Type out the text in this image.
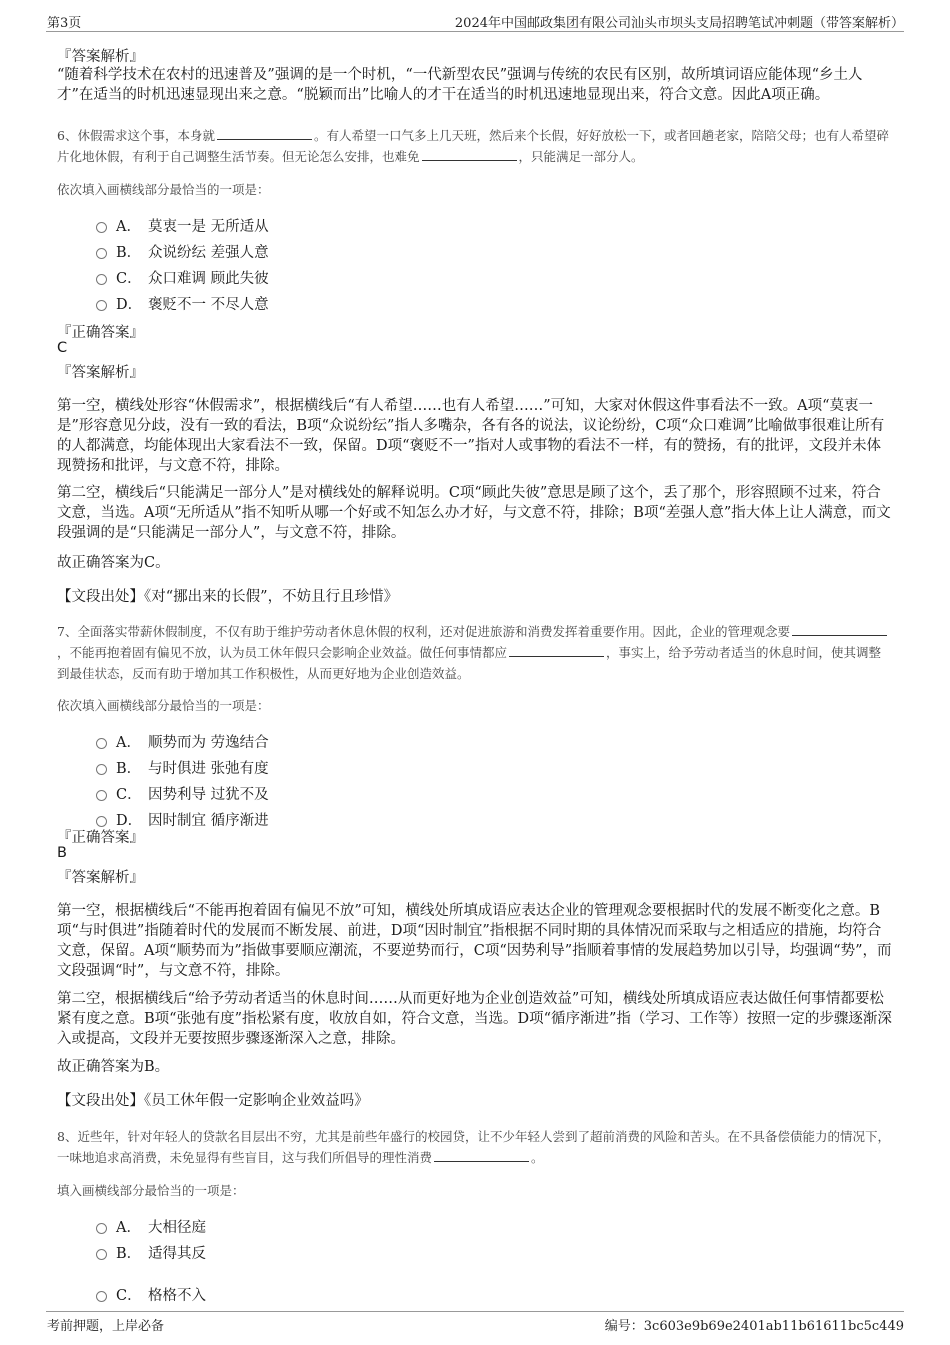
第3页	2024年中国邮政集团有限公司汕头市坝头支局招聘笔试冲刺题（带答案解析）
『答案解析』
“随着科学技术在农村的迅速普及”强调的是一个时机，“一代新型农民”强调与传统的农民有区别，故所填词语应能体现“乡土人才”在适当的时机迅速显现出来之意。“脱颖而出”比喻人的才干在适当的时机迅速地显现出来，符合文意。因此A项正确。
6、休假需求这个事，本身就	。有人希望一口气多上几天班，然后来个长假，好好放松一下，或者回趟老家，陪陪父母；也有人希望碎片化地休假，有利于自己调整生活节奏。但无论怎么安排，也难免	，只能满足一部分人。
依次填入画横线部分最恰当的一项是：
A． 莫衷一是 无所适从
B． 众说纷纭 差强人意
C． 众口难调 顾此失彼
D． 褒贬不一 不尽人意
『正确答案』
C
『答案解析』
第一空，横线处形容“休假需求”，根据横线后“有人希望……也有人希望……”可知，大家对休假这件事看法不一致。A项“莫衷一是”形容意见分歧，没有一致的看法，B项“众说纷纭”指人多嘴杂，各有各的说法，议论纷纷，C项“众口难调”比喻做事很难让所有的人都满意，均能体现出大家看法不一致，保留。D项“褒贬不一”指对人或事物的看法不一样，有的赞扬，有的批评，文段并未体现赞扬和批评，与文意不符，排除。
第二空，横线后“只能满足一部分人”是对横线处的解释说明。C项“顾此失彼”意思是顾了这个，丢了那个，形容照顾不过来，符合文意，当选。A项“无所适从”指不知听从哪一个好或不知怎么办才好，与文意不符，排除；B项“差强人意”指大体上让人满意，而文段强调的是“只能满足一部分人”，与文意不符，排除。
故正确答案为C。
【文段出处】《对“挪出来的长假”，不妨且行且珍惜》
7、全面落实带薪休假制度，不仅有助于维护劳动者休息休假的权利，还对促进旅游和消费发挥着重要作用。因此，企业的管理观念要，不能再抱着固有偏见不放，认为员工休年假只会影响企业效益。做任何事情都应	，事实上，给予劳动者适当的休息时间，使其调整到最佳状态，反而有助于增加其工作积极性，从而更好地为企业创造效益。
依次填入画横线部分最恰当的一项是：
A． 顺势而为 劳逸结合
B． 与时俱进 张弛有度
C． 因势利导 过犹不及
D． 因时制宜 循序渐进
『正确答案』
B
『答案解析』
第一空，根据横线后“不能再抱着固有偏见不放”可知，横线处所填成语应表达企业的管理观念要根据时代的发展不断变化之意。B项“与时俱进”指随着时代的发展而不断发展、前进，D项“因时制宜”指根据不同时期的具体情况而采取与之相适应的措施，均符合文意，保留。A项“顺势而为”指做事要顺应潮流，不要逆势而行，C项“因势利导”指顺着事情的发展趋势加以引导，均强调“势”，而文段强调“时”，与文意不符，排除。
第二空，根据横线后“给予劳动者适当的休息时间……从而更好地为企业创造效益”可知，横线处所填成语应表达做任何事情都要松紧有度之意。B项“张弛有度”指松紧有度，收放自如，符合文意，当选。D项“循序渐进”指（学习、工作等）按照一定的步骤逐渐深入或提高，文段并无要按照步骤逐渐深入之意，排除。
故正确答案为B。
【文段出处】《员工休年假一定影响企业效益吗》
8、近些年，针对年轻人的贷款名目层出不穷，尤其是前些年盛行的校园贷，让不少年轻人尝到了超前消费的风险和苦头。在不具备偿债能力的情况下，一味地追求高消费，未免显得有些盲目，这与我们所倡导的理性消费	。
填入画横线部分最恰当的一项是：
A． 大相径庭
B． 适得其反
C． 格格不入
考前押题，上岸必备	编号：3c603e9b69e2401ab11b61611bc5c449
